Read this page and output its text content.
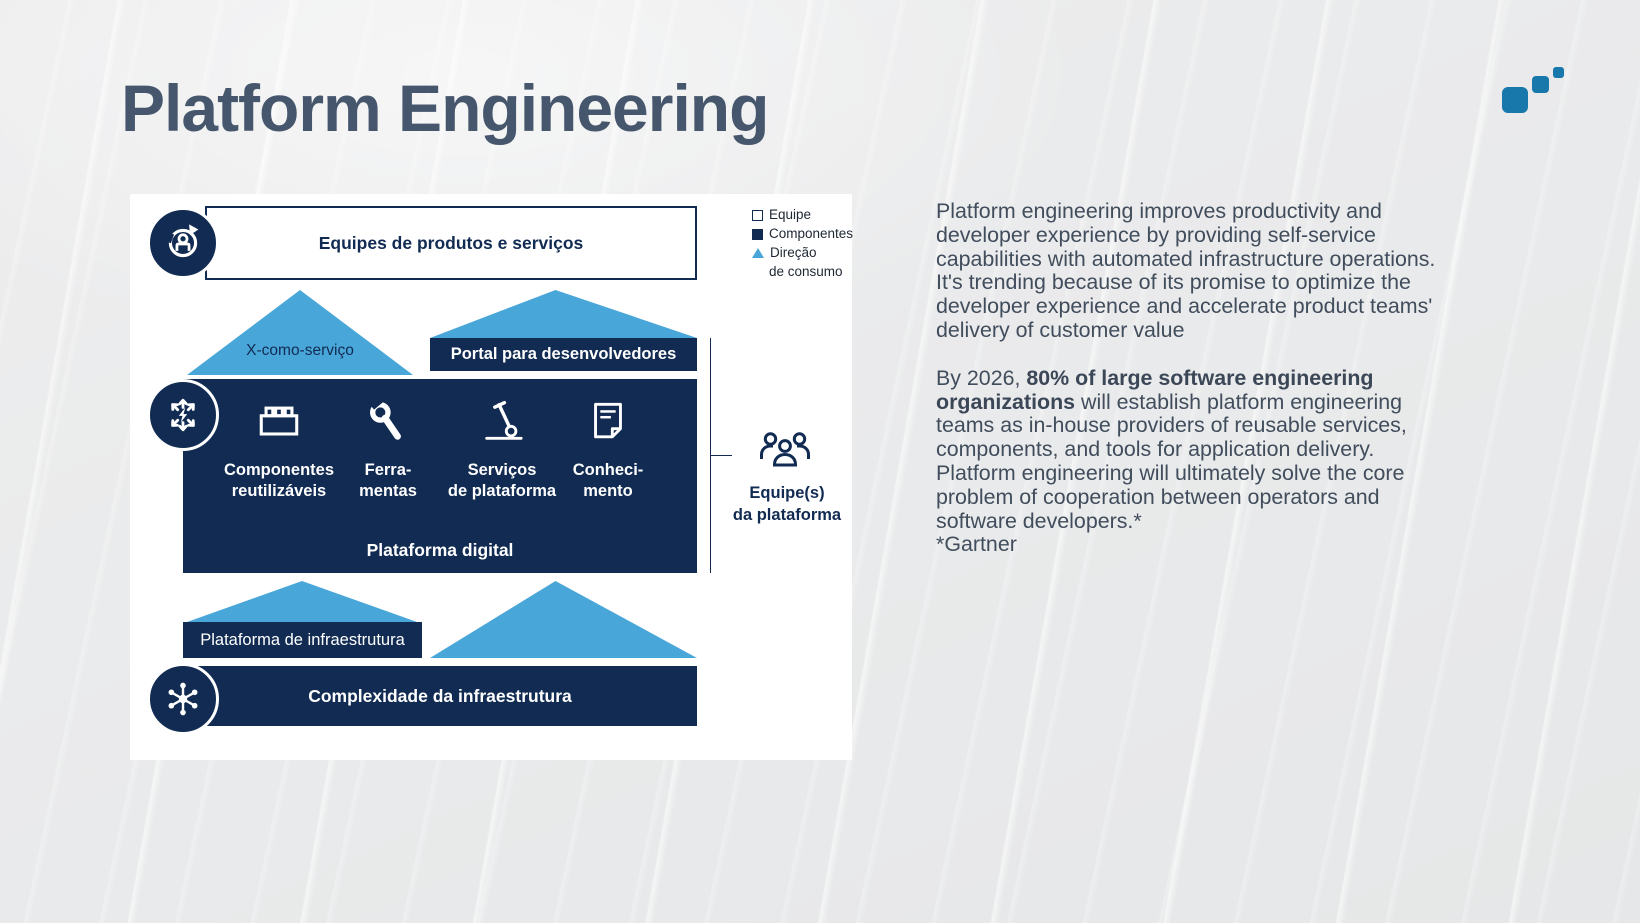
Platform Engineering
Equipe
Componentes
Direção
de consumo
Equipes de produtos e serviços
X-como-serviço	Portal para desenvolvedores
Componentes
reutilizáveis
Ferra-
mentas
Serviços
de plataforma
Conheci-
mento
Plataforma digital
Equipe(s)
da plataforma
Plataforma de infraestrutura
Complexidade da infraestrutura

Platform engineering improves productivity and developer experience by providing self-service capabilities with automated infrastructure operations. It's trending because of its promise to optimize the developer experience and accelerate product teams' delivery of customer value

By 2026, 80% of large software engineering organizations will establish platform engineering teams as in-house providers of reusable services, components, and tools for application delivery. Platform engineering will ultimately solve the core problem of cooperation between operators and software developers.*
*Gartner
